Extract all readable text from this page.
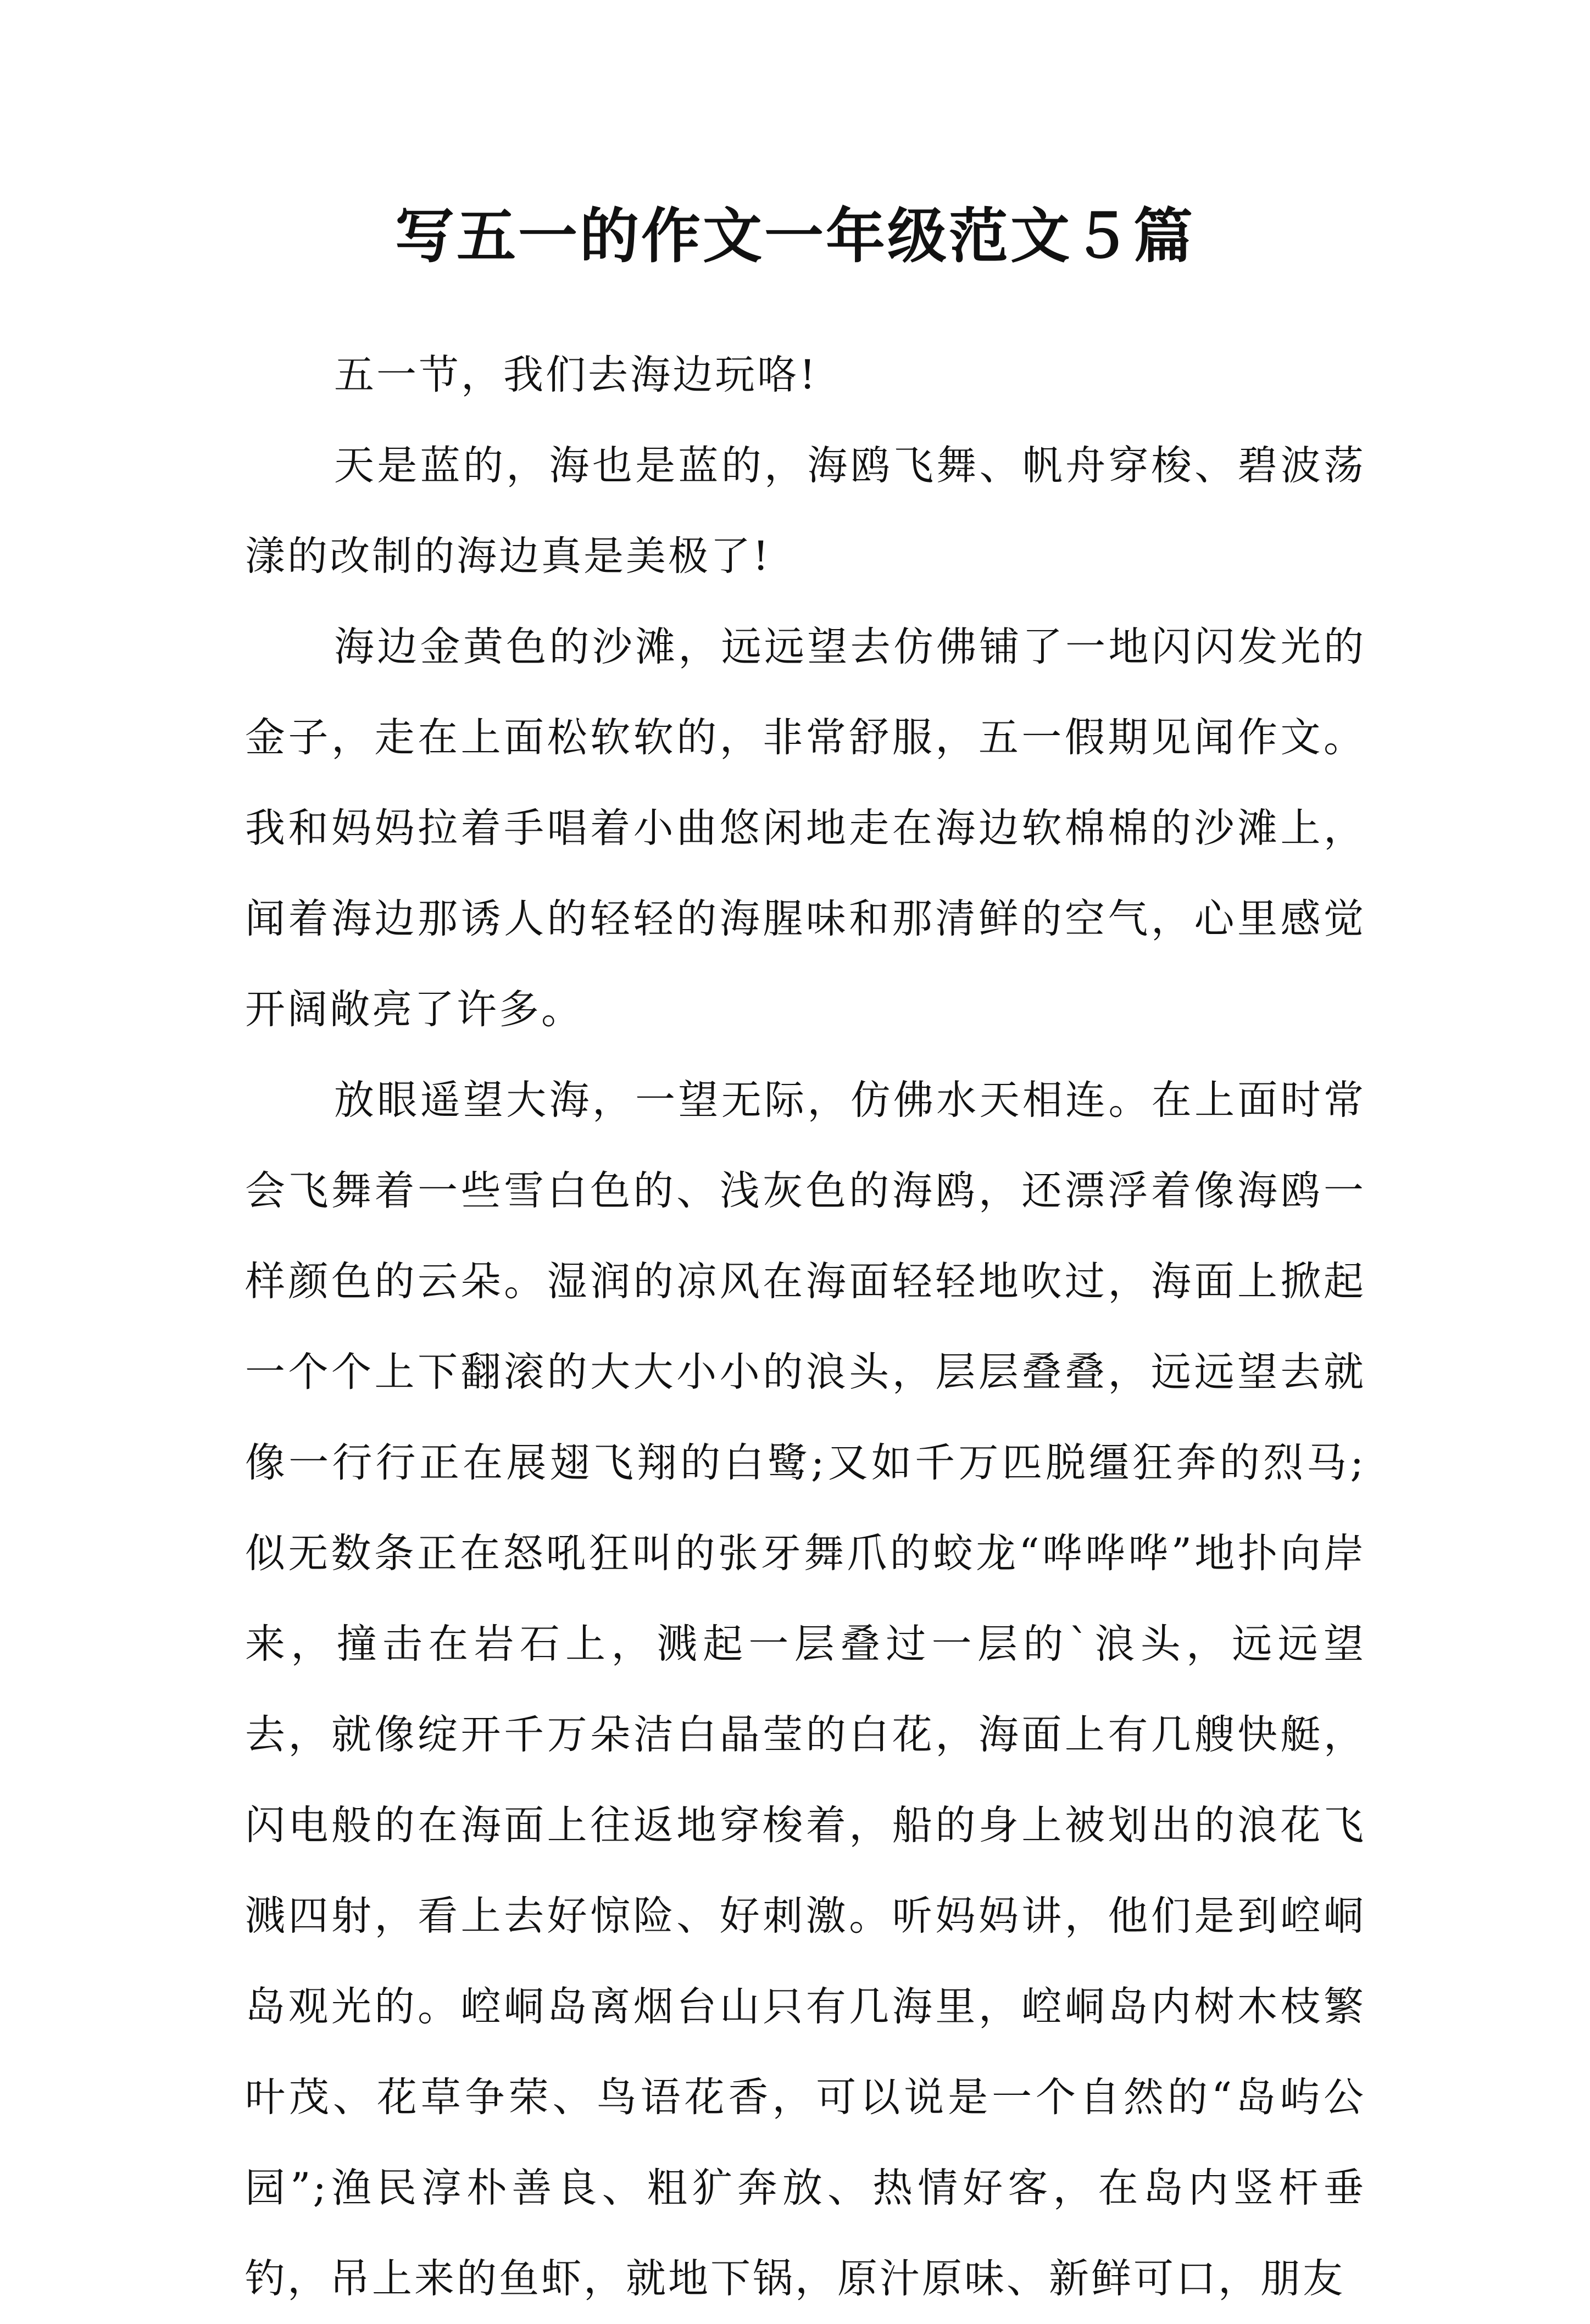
写五一的作文一年级范文５篇

五一节，我们去海边玩咯!

天是蓝的，海也是蓝的，海鸥飞舞、帆舟穿梭、碧波荡漾的改制的海边真是美极了!

海边金黄色的沙滩，远远望去仿佛铺了一地闪闪发光的金子，走在上面松软软的，非常舒服，五一假期见闻作文。我和妈妈拉着手唱着小曲悠闲地走在海边软棉棉的沙滩上，闻着海边那诱人的轻轻的海腥味和那清鲜的空气，心里感觉开阔敞亮了许多。

放眼遥望大海，一望无际，仿佛水天相连。在上面时常会飞舞着一些雪白色的、浅灰色的海鸥，还漂浮着像海鸥一样颜色的云朵。湿润的凉风在海面轻轻地吹过，海面上掀起一个个上下翻滚的大大小小的浪头，层层叠叠，远远望去就像一行行正在展翅飞翔的白鹭;又如千万匹脱缰狂奔的烈马;似无数条正在怒吼狂叫的张牙舞爪的蛟龙“哗哗哗”地扑向岸来，撞击在岩石上，溅起一层叠过一层的`浪头，远远望去，就像绽开千万朵洁白晶莹的白花，海面上有几艘快艇，闪电般的在海面上往返地穿梭着，船的身上被划出的浪花飞溅四射，看上去好惊险、好刺激。听妈妈讲，他们是到崆峒岛观光的。崆峒岛离烟台山只有几海里，崆峒岛内树木枝繁叶茂、花草争荣、鸟语花香，可以说是一个自然的“岛屿公园”;渔民淳朴善良、粗犷奔放、热情好客，在岛内竖杆垂钓，吊上来的鱼虾，就地下锅，原汁原味、新鲜可口，朋友
